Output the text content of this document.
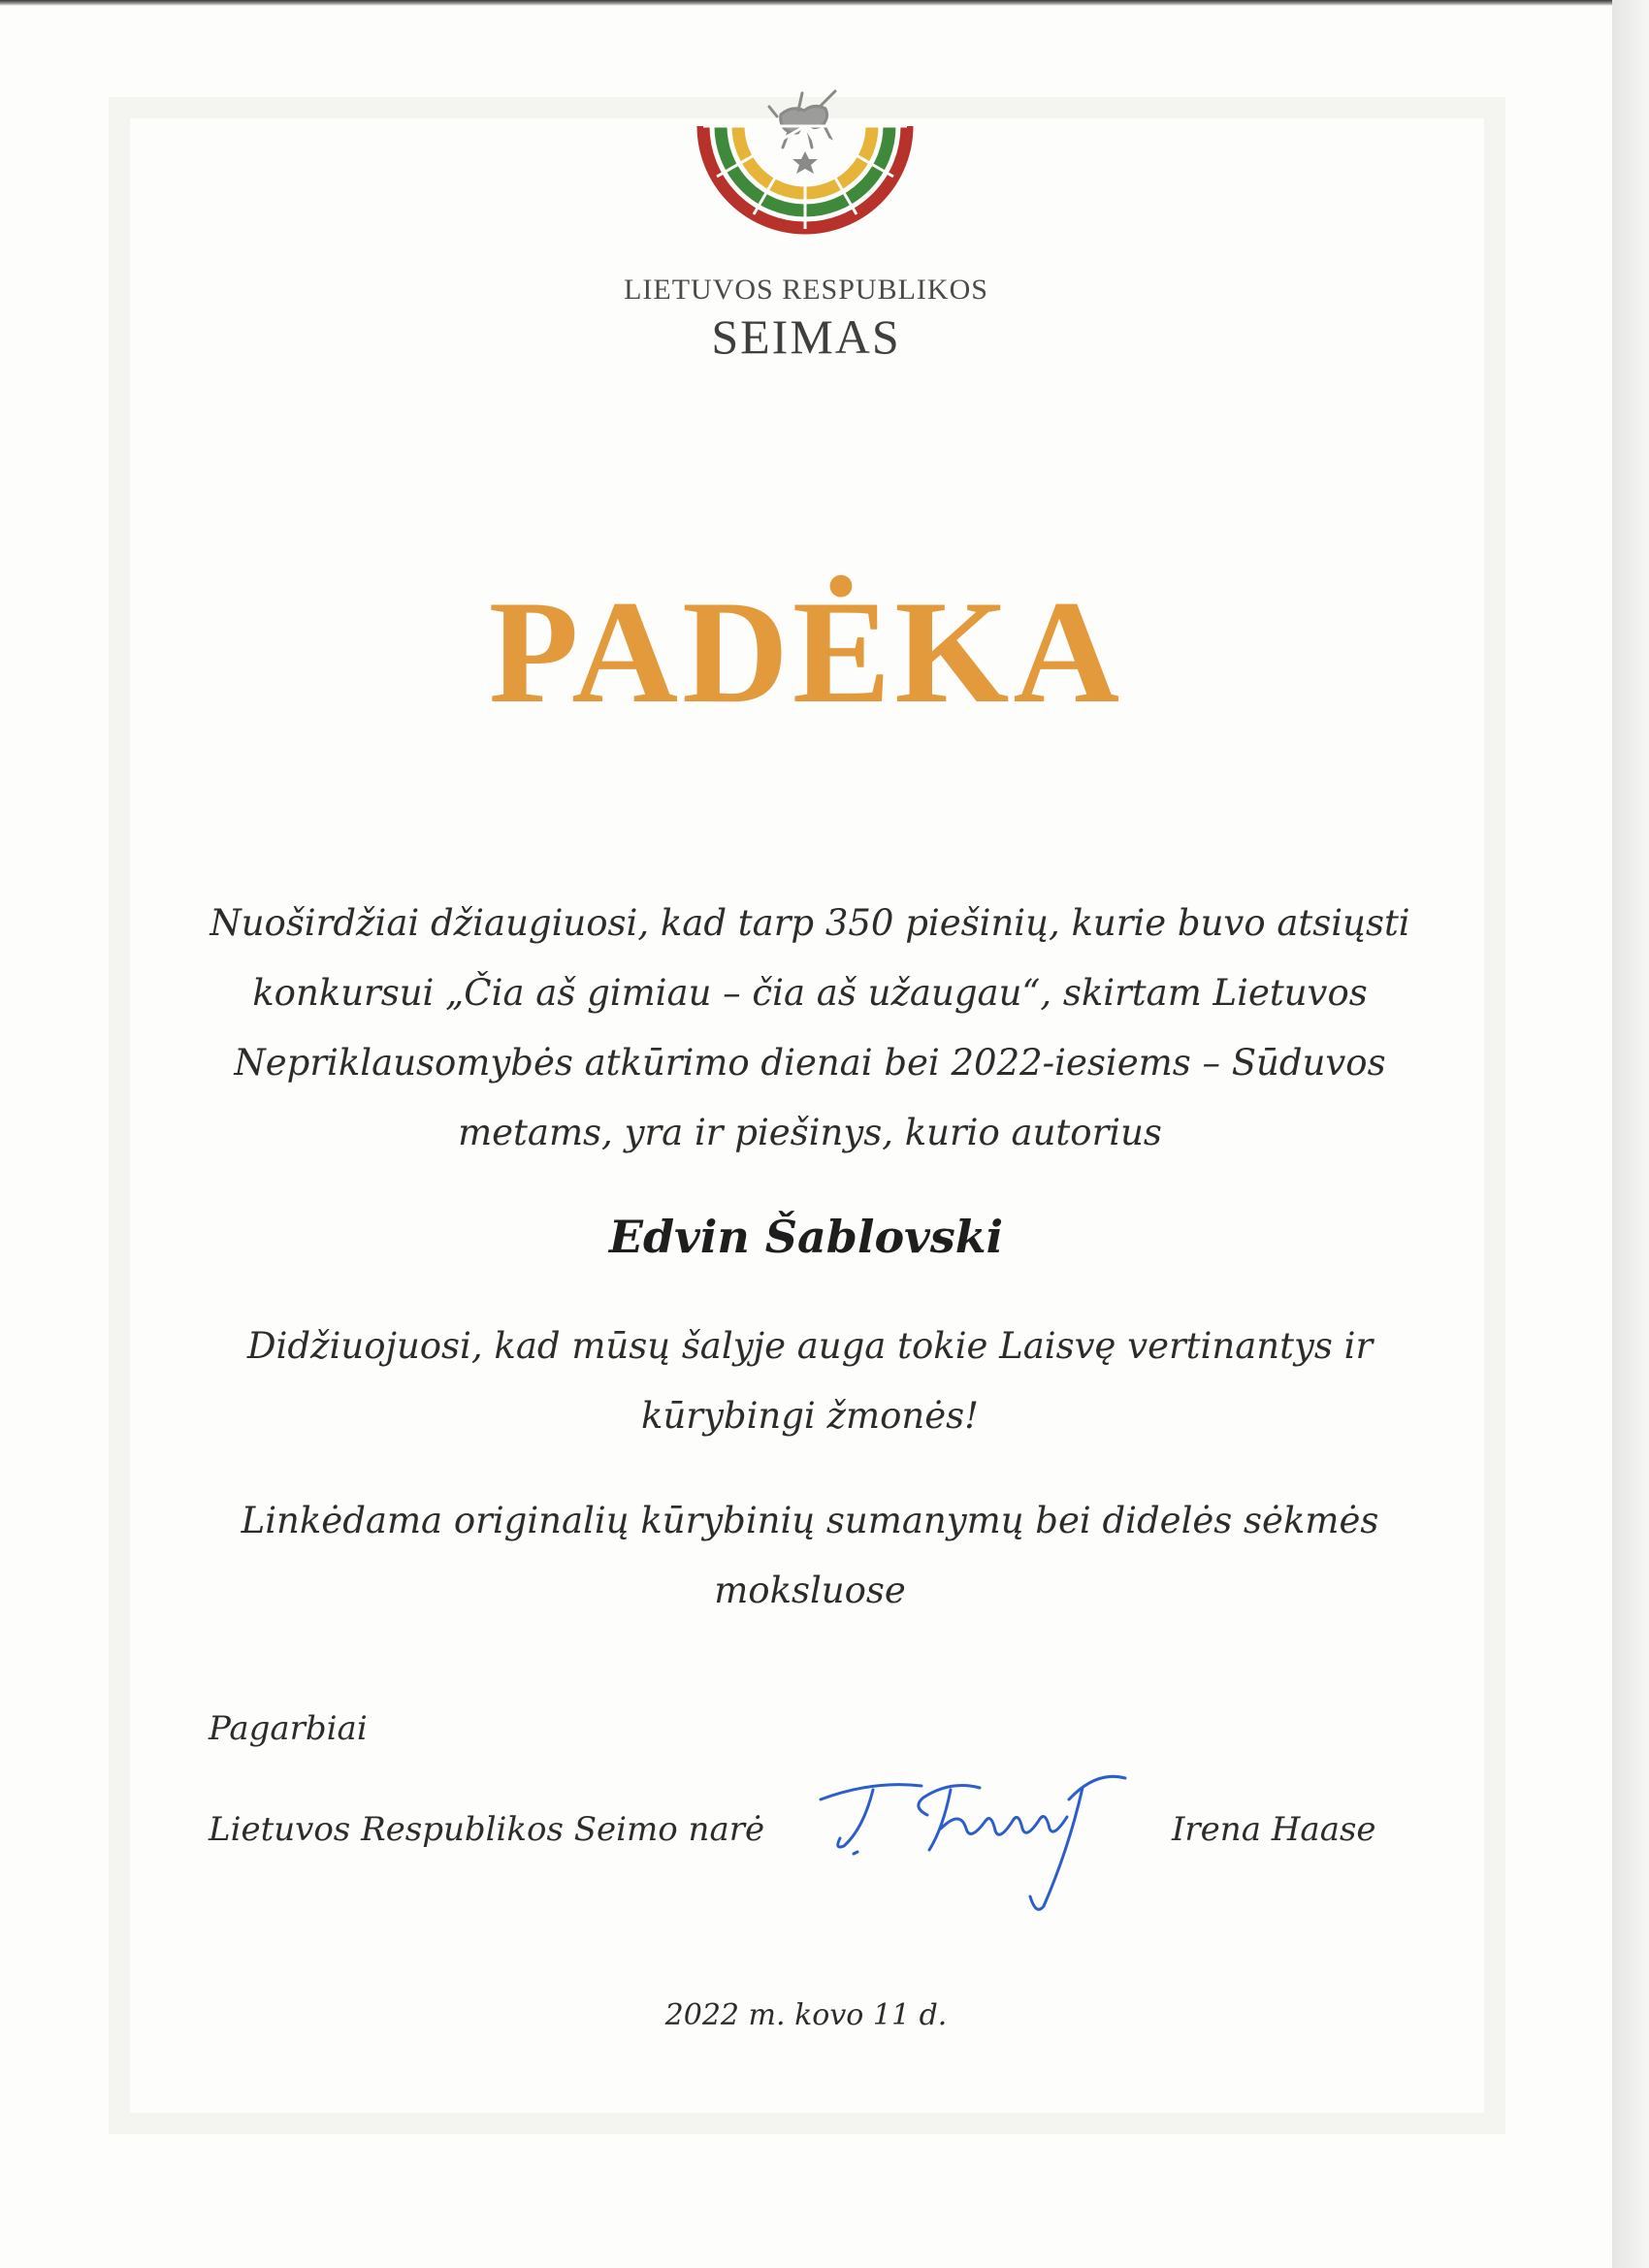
LIETUVOS RESPUBLIKOS
SEIMAS
PADĖKA
Nuoširdžiai džiaugiuosi, kad tarp 350 piešinių, kurie buvo atsiųsti konkursui „Čia aš gimiau – čia aš užaugau“, skirtam Lietuvos Nepriklausomybės atkūrimo dienai bei 2022-iesiems – Sūduvos metams, yra ir piešinys, kurio autorius
Edvin Šablovski
Didžiuojuosi, kad mūsų šalyje auga tokie Laisvę vertinantys ir kūrybingi žmonės!
Linkėdama originalių kūrybinių sumanymų bei didelės sėkmės moksluose
Pagarbiai
Lietuvos Respublikos Seimo narė	Irena Haase
2022 m. kovo 11 d.
